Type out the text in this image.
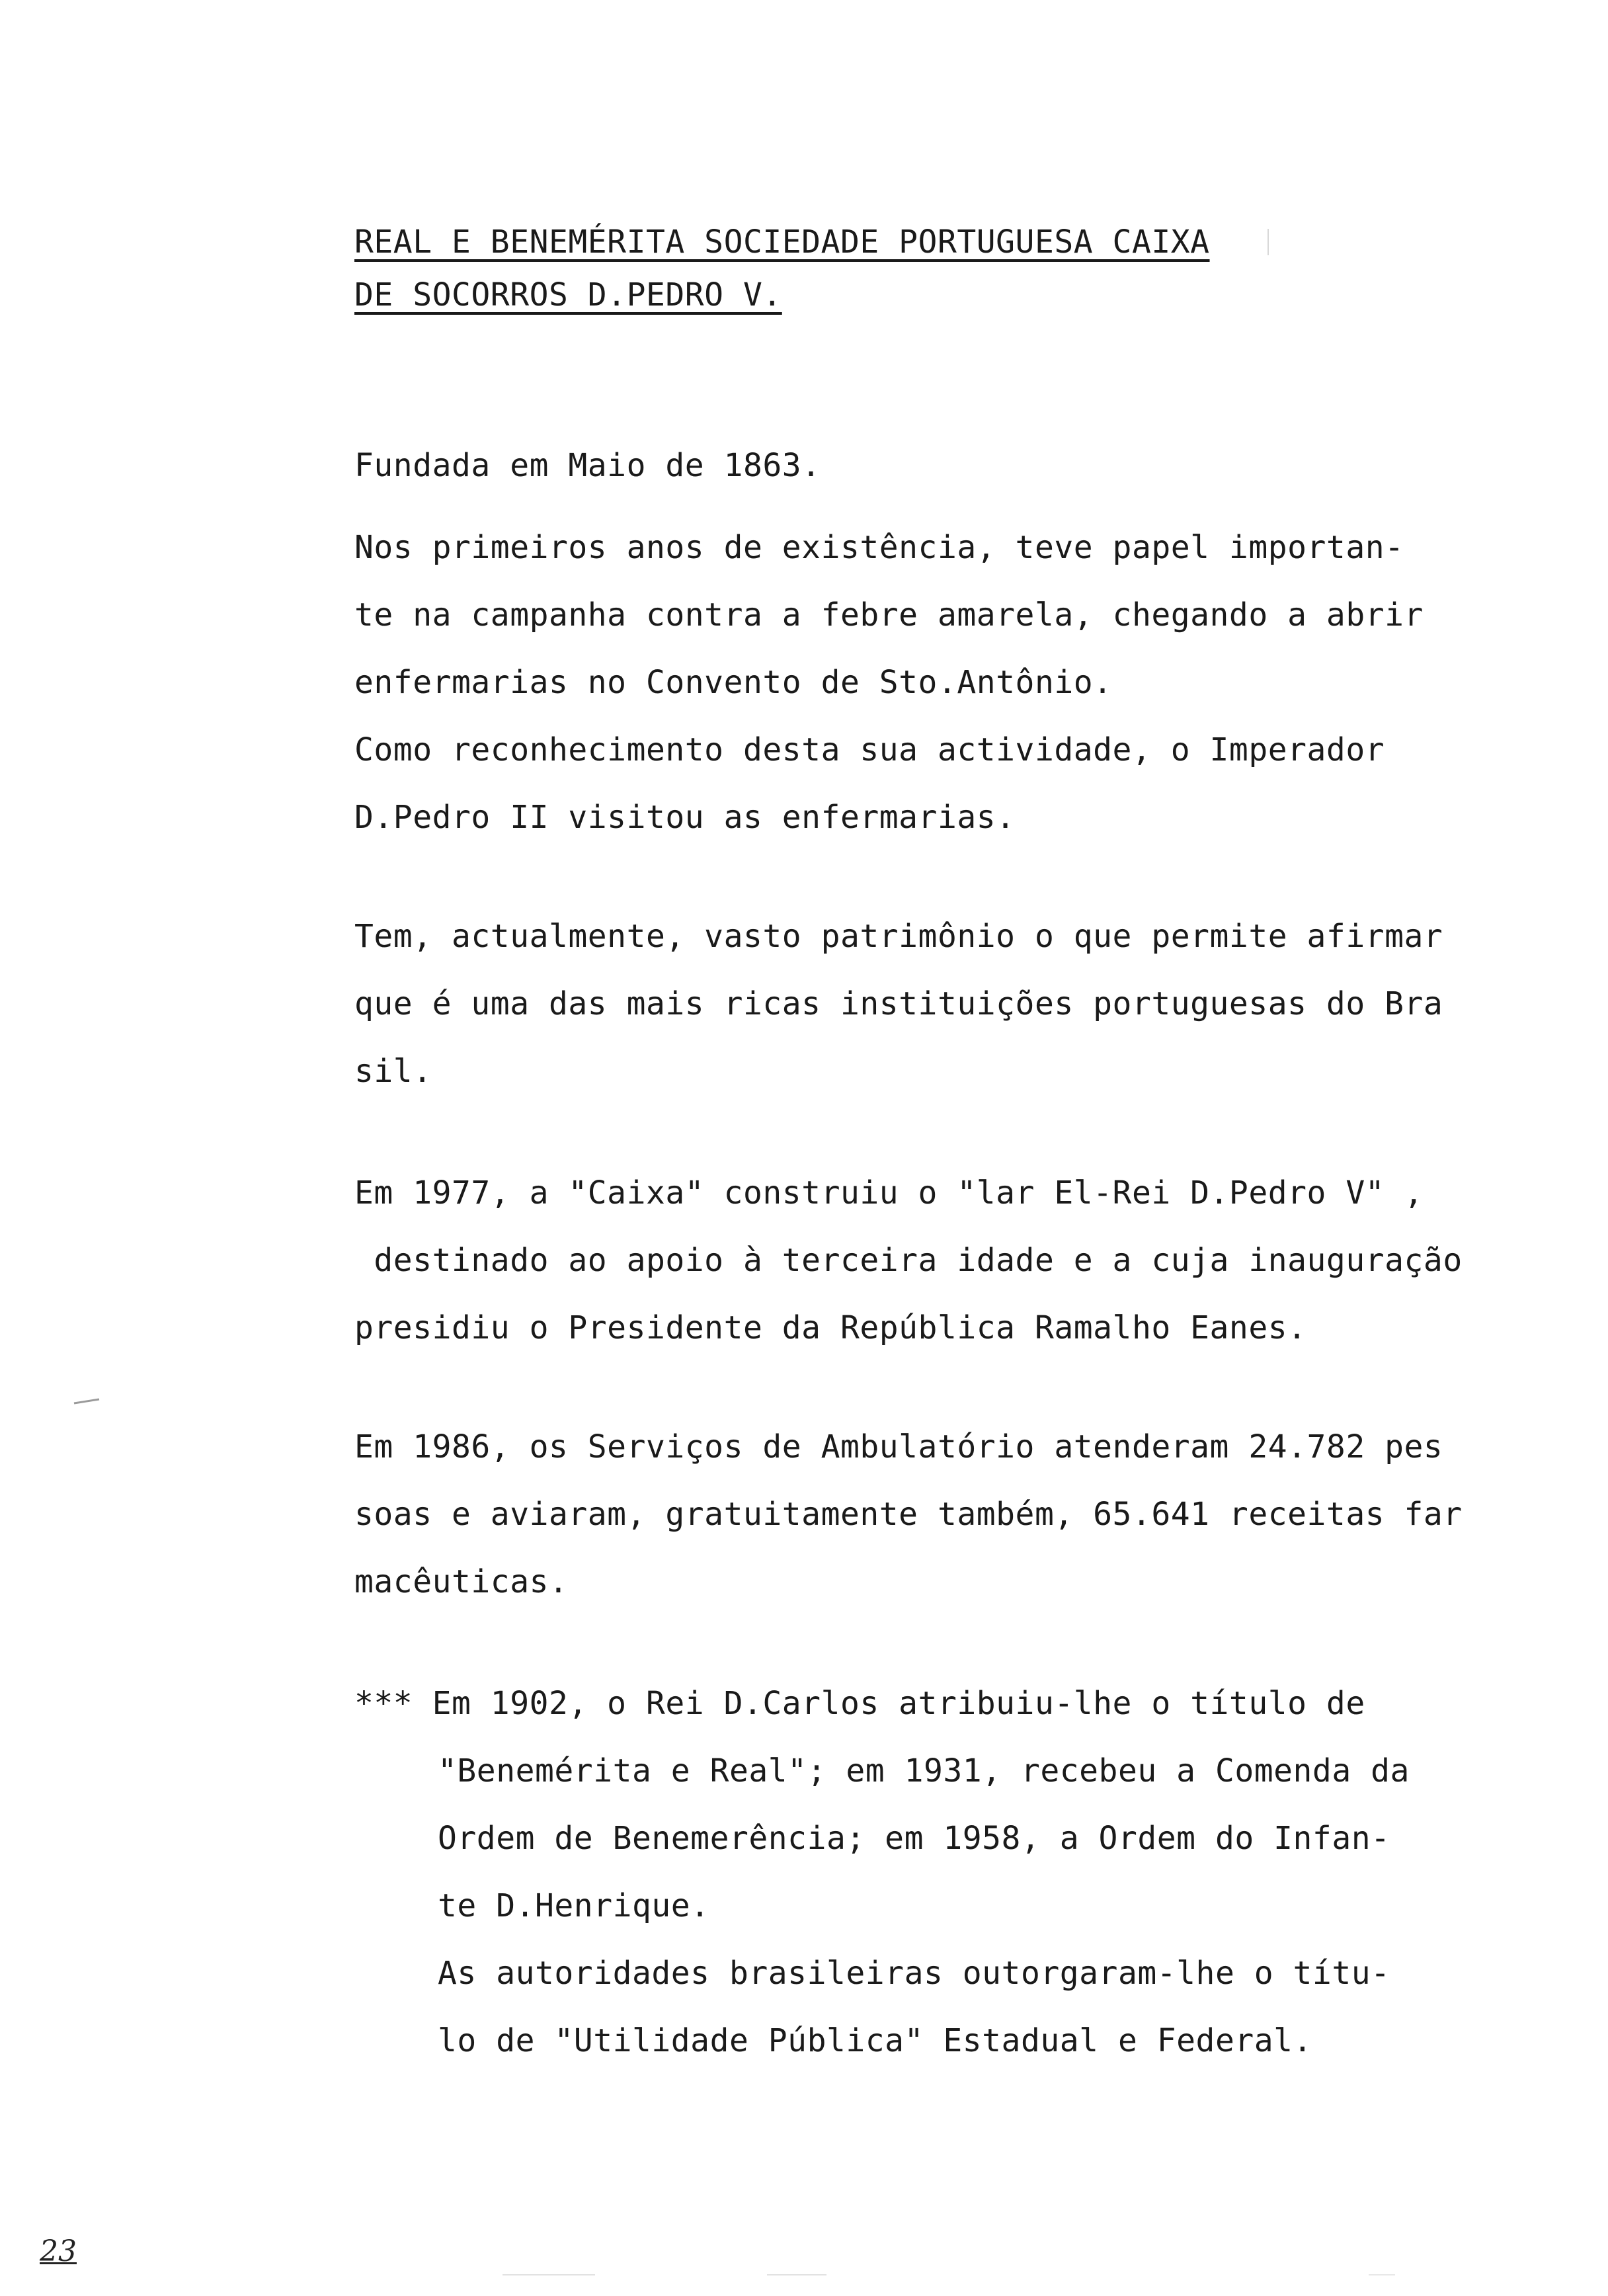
REAL E BENEMÉRITA SOCIEDADE PORTUGUESA CAIXA
DE SOCORROS D.PEDRO V.
Fundada em Maio de 1863.
Nos primeiros anos de existência, teve papel importan-
te na campanha contra a febre amarela, chegando a abrir
enfermarias no Convento de Sto.Antônio.
Como reconhecimento desta sua actividade, o Imperador
D.Pedro II visitou as enfermarias.
Tem, actualmente, vasto patrimônio o que permite afirmar
que é uma das mais ricas instituições portuguesas do Bra
sil.
Em 1977, a "Caixa" construiu o "lar El-Rei D.Pedro V" ,
destinado ao apoio à terceira idade e a cuja inauguração
presidiu o Presidente da República Ramalho Eanes.
Em 1986, os Serviços de Ambulatório atenderam 24.782 pes
soas e aviaram, gratuitamente também, 65.641 receitas far
macêuticas.
*** Em 1902, o Rei D.Carlos atribuiu-lhe o título de
"Benemérita e Real"; em 1931, recebeu a Comenda da
Ordem de Benemerência; em 1958, a Ordem do Infan-
te D.Henrique.
As autoridades brasileiras outorgaram-lhe o títu-
lo de "Utilidade Pública" Estadual e Federal.
23
